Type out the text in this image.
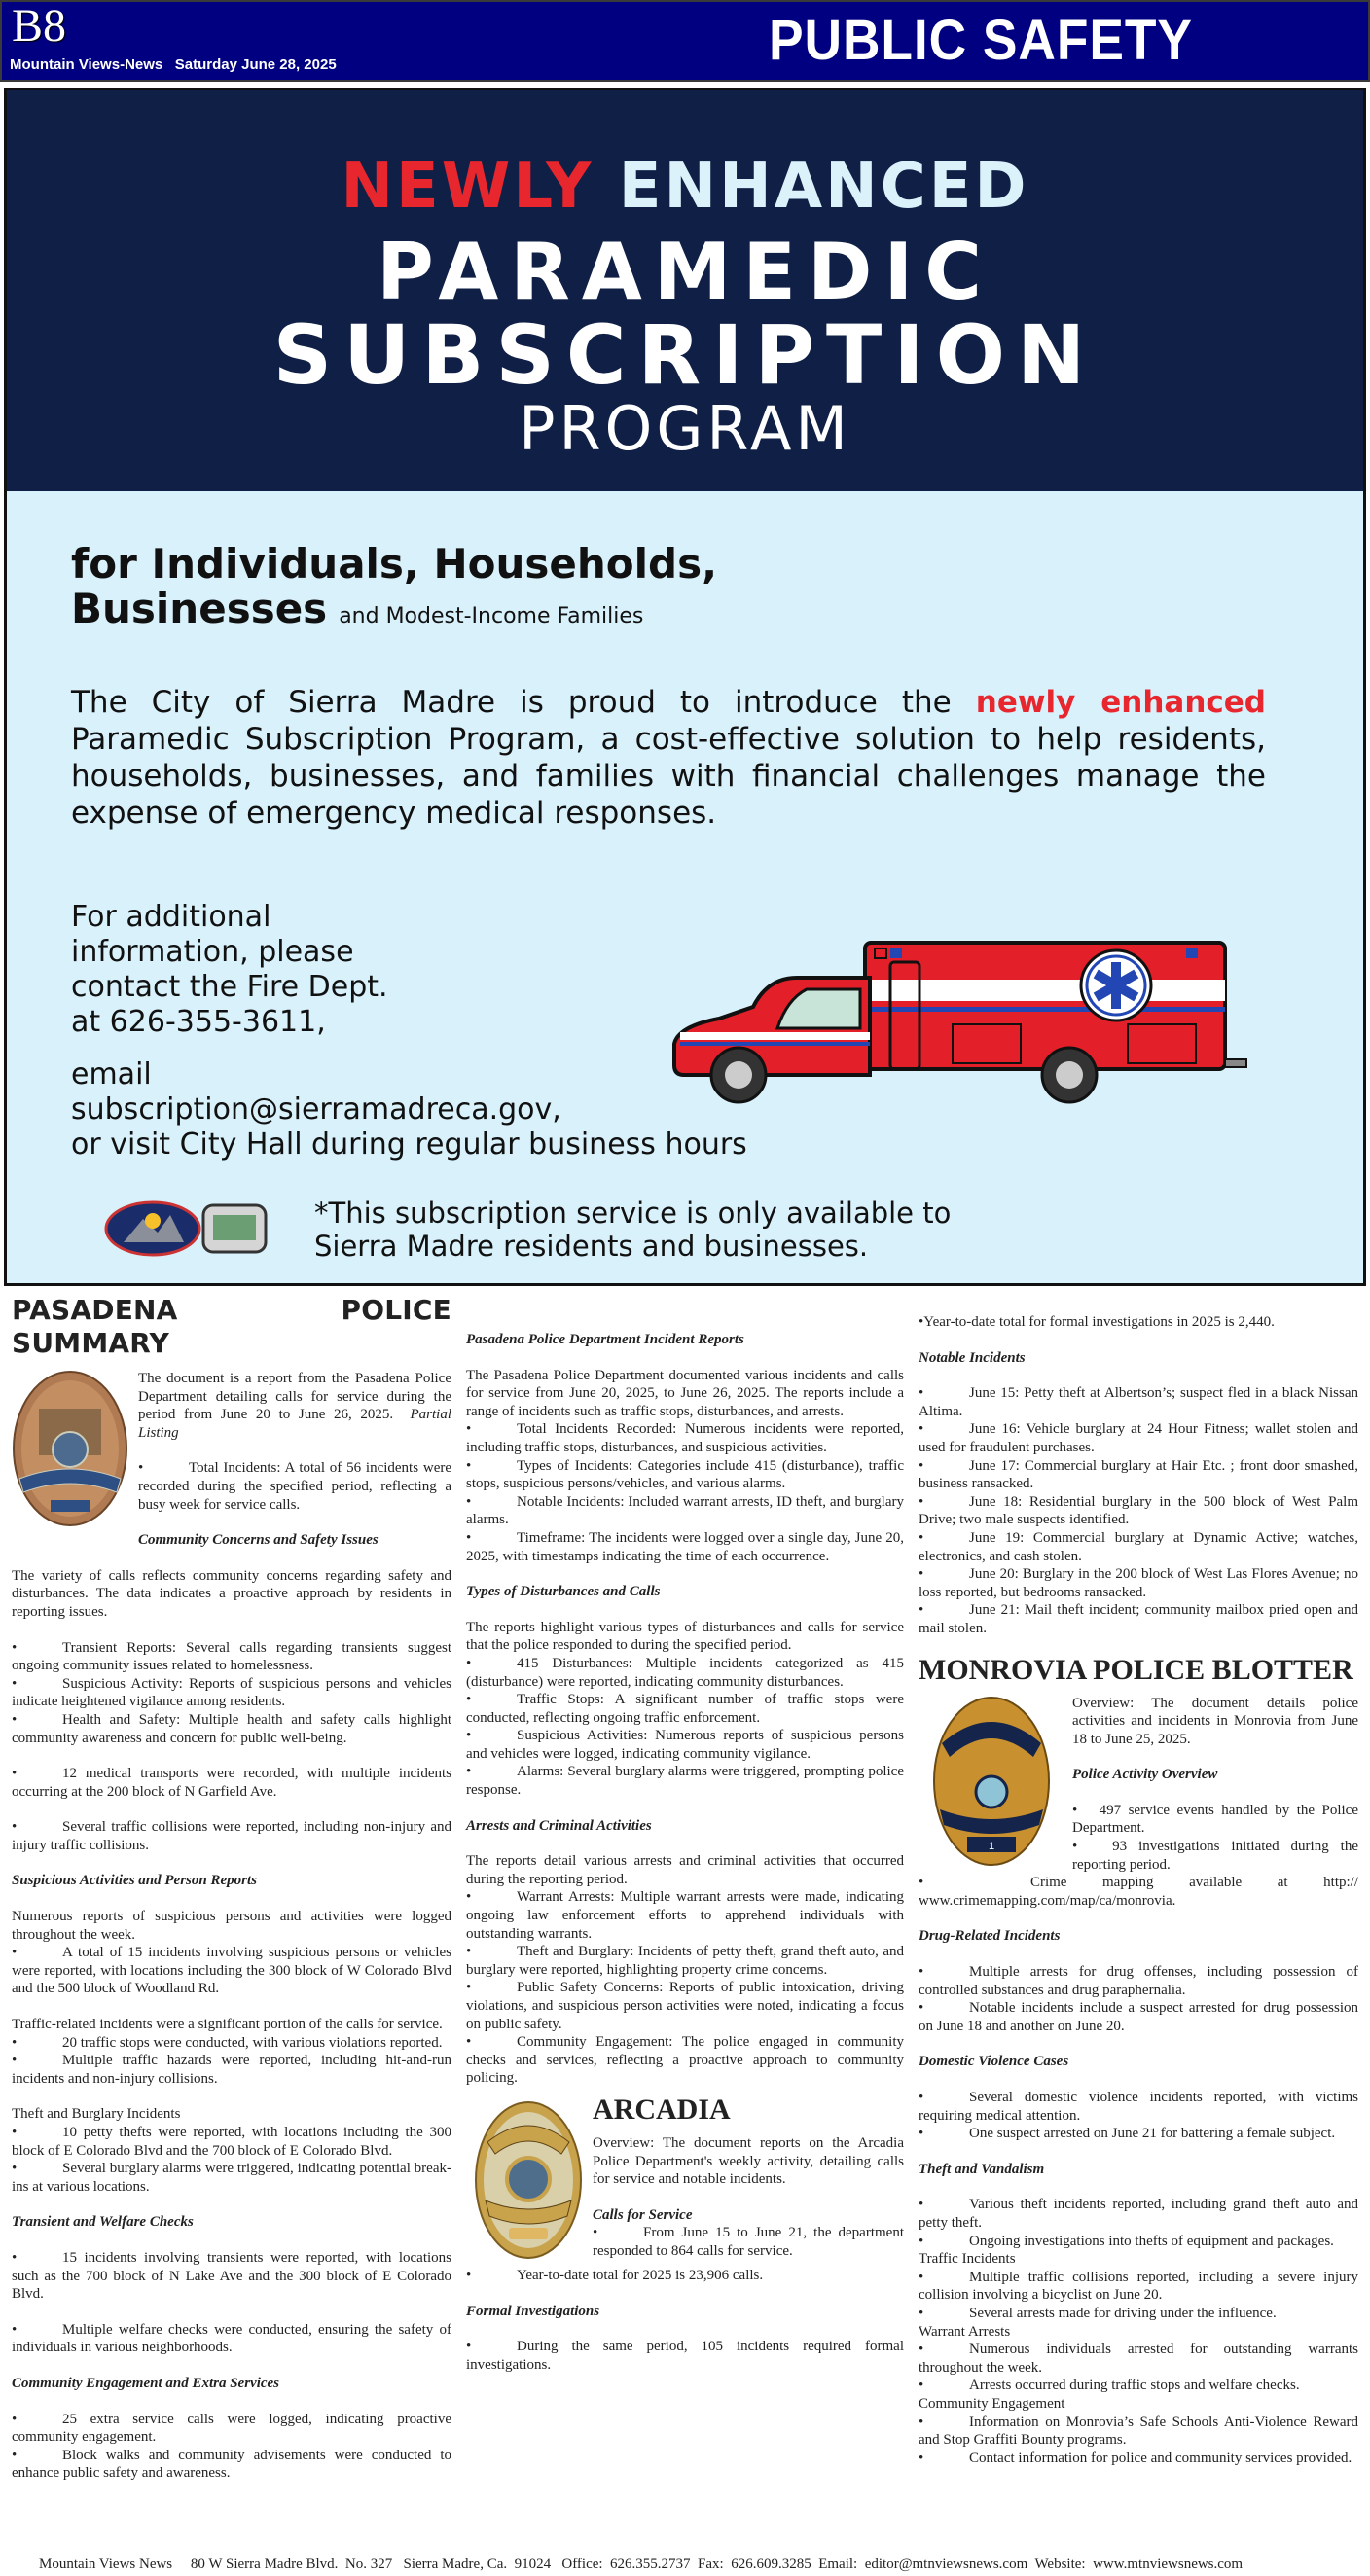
B8
Mountain Views-News   Saturday June 28, 2025	PUBLIC SAFETY
NEWLY ENHANCED
PARAMEDIC
SUBSCRIPTION
PROGRAM
for Individuals, Households,
Businesses and Modest-Income Families
The City of Sierra Madre is proud to introduce the newly enhanced Paramedic Subscription Program, a cost-effective solution to help residents, households, businesses, and families with financial challenges manage the expense of emergency medical responses.
For additional
information, please
contact the Fire Dept.
at 626-355-3611,
email
subscription@sierramadreca.gov,
or visit City Hall during regular business hours
*This subscription service is only available to
Sierra Madre residents and businesses.
PASADENA POLICE SUMMARY

The document is a report from the Pasadena Police Department detailing calls for service during the period from June 20 to June 26, 2025. Partial Listing

•	Total Incidents: A total of 56 incidents were recorded during the specified period, reflecting a busy week for service calls.

Community Concerns and Safety Issues

The variety of calls reflects community concerns regarding safety and disturbances. The data indicates a proactive approach by residents in reporting issues.

•	Transient Reports: Several calls regarding transients suggest ongoing community issues related to homelessness.

•	Suspicious Activity: Reports of suspicious persons and vehicles indicate heightened vigilance among residents.

•	Health and Safety: Multiple health and safety calls highlight community awareness and concern for public well-being.

•	12 medical transports were recorded, with multiple incidents occurring at the 200 block of N Garfield Ave.

•	Several traffic collisions were reported, including non-injury and injury traffic collisions.

Suspicious Activities and Person Reports

Numerous reports of suspicious persons and activities were logged throughout the week.

•	A total of 15 incidents involving suspicious persons or vehicles were reported, with locations including the 300 block of W Colorado Blvd and the 500 block of Woodland Rd.

Traffic-related incidents were a significant portion of the calls for service.

•	20 traffic stops were conducted, with various violations reported.

•	Multiple traffic hazards were reported, including hit-and-run incidents and non-injury collisions.

Theft and Burglary Incidents

•	10 petty thefts were reported, with locations including the 300 block of E Colorado Blvd and the 700 block of E Colorado Blvd.

•	Several burglary alarms were triggered, indicating potential break-ins at various locations.

Transient and Welfare Checks

•	15 incidents involving transients were reported, with locations such as the 700 block of N Lake Ave and the 300 block of E Colorado Blvd.

•	Multiple welfare checks were conducted, ensuring the safety of individuals in various neighborhoods.

Community Engagement and Extra Services

•	25 extra service calls were logged, indicating proactive community engagement.

•	Block walks and community advisements were conducted to enhance public safety and awareness.

Pasadena Police Department Incident Reports

The Pasadena Police Department documented various incidents and calls for service from June 20, 2025, to June 26, 2025. The reports include a range of incidents such as traffic stops, disturbances, and arrests.

•	Total Incidents Recorded: Numerous incidents were reported, including traffic stops, disturbances, and suspicious activities.

•	Types of Incidents: Categories include 415 (disturbance), traffic stops, suspicious persons/vehicles, and various alarms.

•	Notable Incidents: Included warrant arrests, ID theft, and burglary alarms.

•	Timeframe: The incidents were logged over a single day, June 20, 2025, with timestamps indicating the time of each occurrence.

Types of Disturbances and Calls

The reports highlight various types of disturbances and calls for service that the police responded to during the specified period.

•	415 Disturbances: Multiple incidents categorized as 415 (disturbance) were reported, indicating community disturbances.

•	Traffic Stops: A significant number of traffic stops were conducted, reflecting ongoing traffic enforcement.

•	Suspicious Activities: Numerous reports of suspicious persons and vehicles were logged, indicating community vigilance.

•	Alarms: Several burglary alarms were triggered, prompting police response.

Arrests and Criminal Activities

The reports detail various arrests and criminal activities that occurred during the reporting period.

•	Warrant Arrests: Multiple warrant arrests were made, indicating ongoing law enforcement efforts to apprehend individuals with outstanding warrants.

•	Theft and Burglary: Incidents of petty theft, grand theft auto, and burglary were reported, highlighting property crime concerns.

•	Public Safety Concerns: Reports of public intoxication, driving violations, and suspicious person activities were noted, indicating a focus on public safety.

•	Community Engagement: The police engaged in community checks and services, reflecting a proactive approach to community policing.

ARCADIA

Overview: The document reports on the Arcadia Police Department's weekly activity, detailing calls for service and notable incidents.

Calls for Service

•	From June 15 to June 21, the department responded to 864 calls for service.

•	Year-to-date total for 2025 is 23,906 calls.

Formal Investigations

•	During the same period, 105 incidents required formal investigations.

•Year-to-date total for formal investigations in 2025 is 2,440.

Notable Incidents

•	June 15: Petty theft at Albertson’s; suspect fled in a black Nissan Altima.

•	June 16: Vehicle burglary at 24 Hour Fitness; wallet stolen and used for fraudulent purchases.

•	June 17: Commercial burglary at Hair Etc. ; front door smashed, business ransacked.

•	June 18: Residential burglary in the 500 block of West Palm Drive; two male suspects identified.

•	June 19: Commercial burglary at Dynamic Active; watches, electronics, and cash stolen.

•	June 20: Burglary in the 200 block of West Las Flores Avenue; no loss reported, but bedrooms ransacked.

•	June 21: Mail theft incident; community mailbox pried open and mail stolen.

MONROVIA POLICE BLOTTER
1

Overview: The document details police activities and incidents in Monrovia from June 18 to June 25, 2025.

Police Activity Overview

•   497 service events handled by the Police Department.

•   93 investigations initiated during the reporting period.

•   Crime mapping available at http:// www.crimemapping.com/map/ca/monrovia.

Drug-Related Incidents

•	Multiple arrests for drug offenses, including possession of controlled substances and drug paraphernalia.

•	Notable incidents include a suspect arrested for drug possession on June 18 and another on June 20.

Domestic Violence Cases

•	Several domestic violence incidents reported, with victims requiring medical attention.

•	One suspect arrested on June 21 for battering a female subject.

Theft and Vandalism

•	Various theft incidents reported, including grand theft auto and petty theft.

•	Ongoing investigations into thefts of equipment and packages.

Traffic Incidents

•	Multiple traffic collisions reported, including a severe injury collision involving a bicyclist on June 20.

•	Several arrests made for driving under the influence.

Warrant Arrests

•	Numerous individuals arrested for outstanding warrants throughout the week.

•	Arrests occurred during traffic stops and welfare checks.

Community Engagement

•	Information on Monrovia’s Safe Schools Anti-Violence Reward and Stop Graffiti Bounty programs.

•	Contact information for police and community services provided.

Mountain Views News     80 W Sierra Madre Blvd.  No. 327   Sierra Madre, Ca.  91024   Office:  626.355.2737  Fax:  626.609.3285  Email:  editor@mtnviewsnews.com  Website:  www.mtnviewsnews.com
